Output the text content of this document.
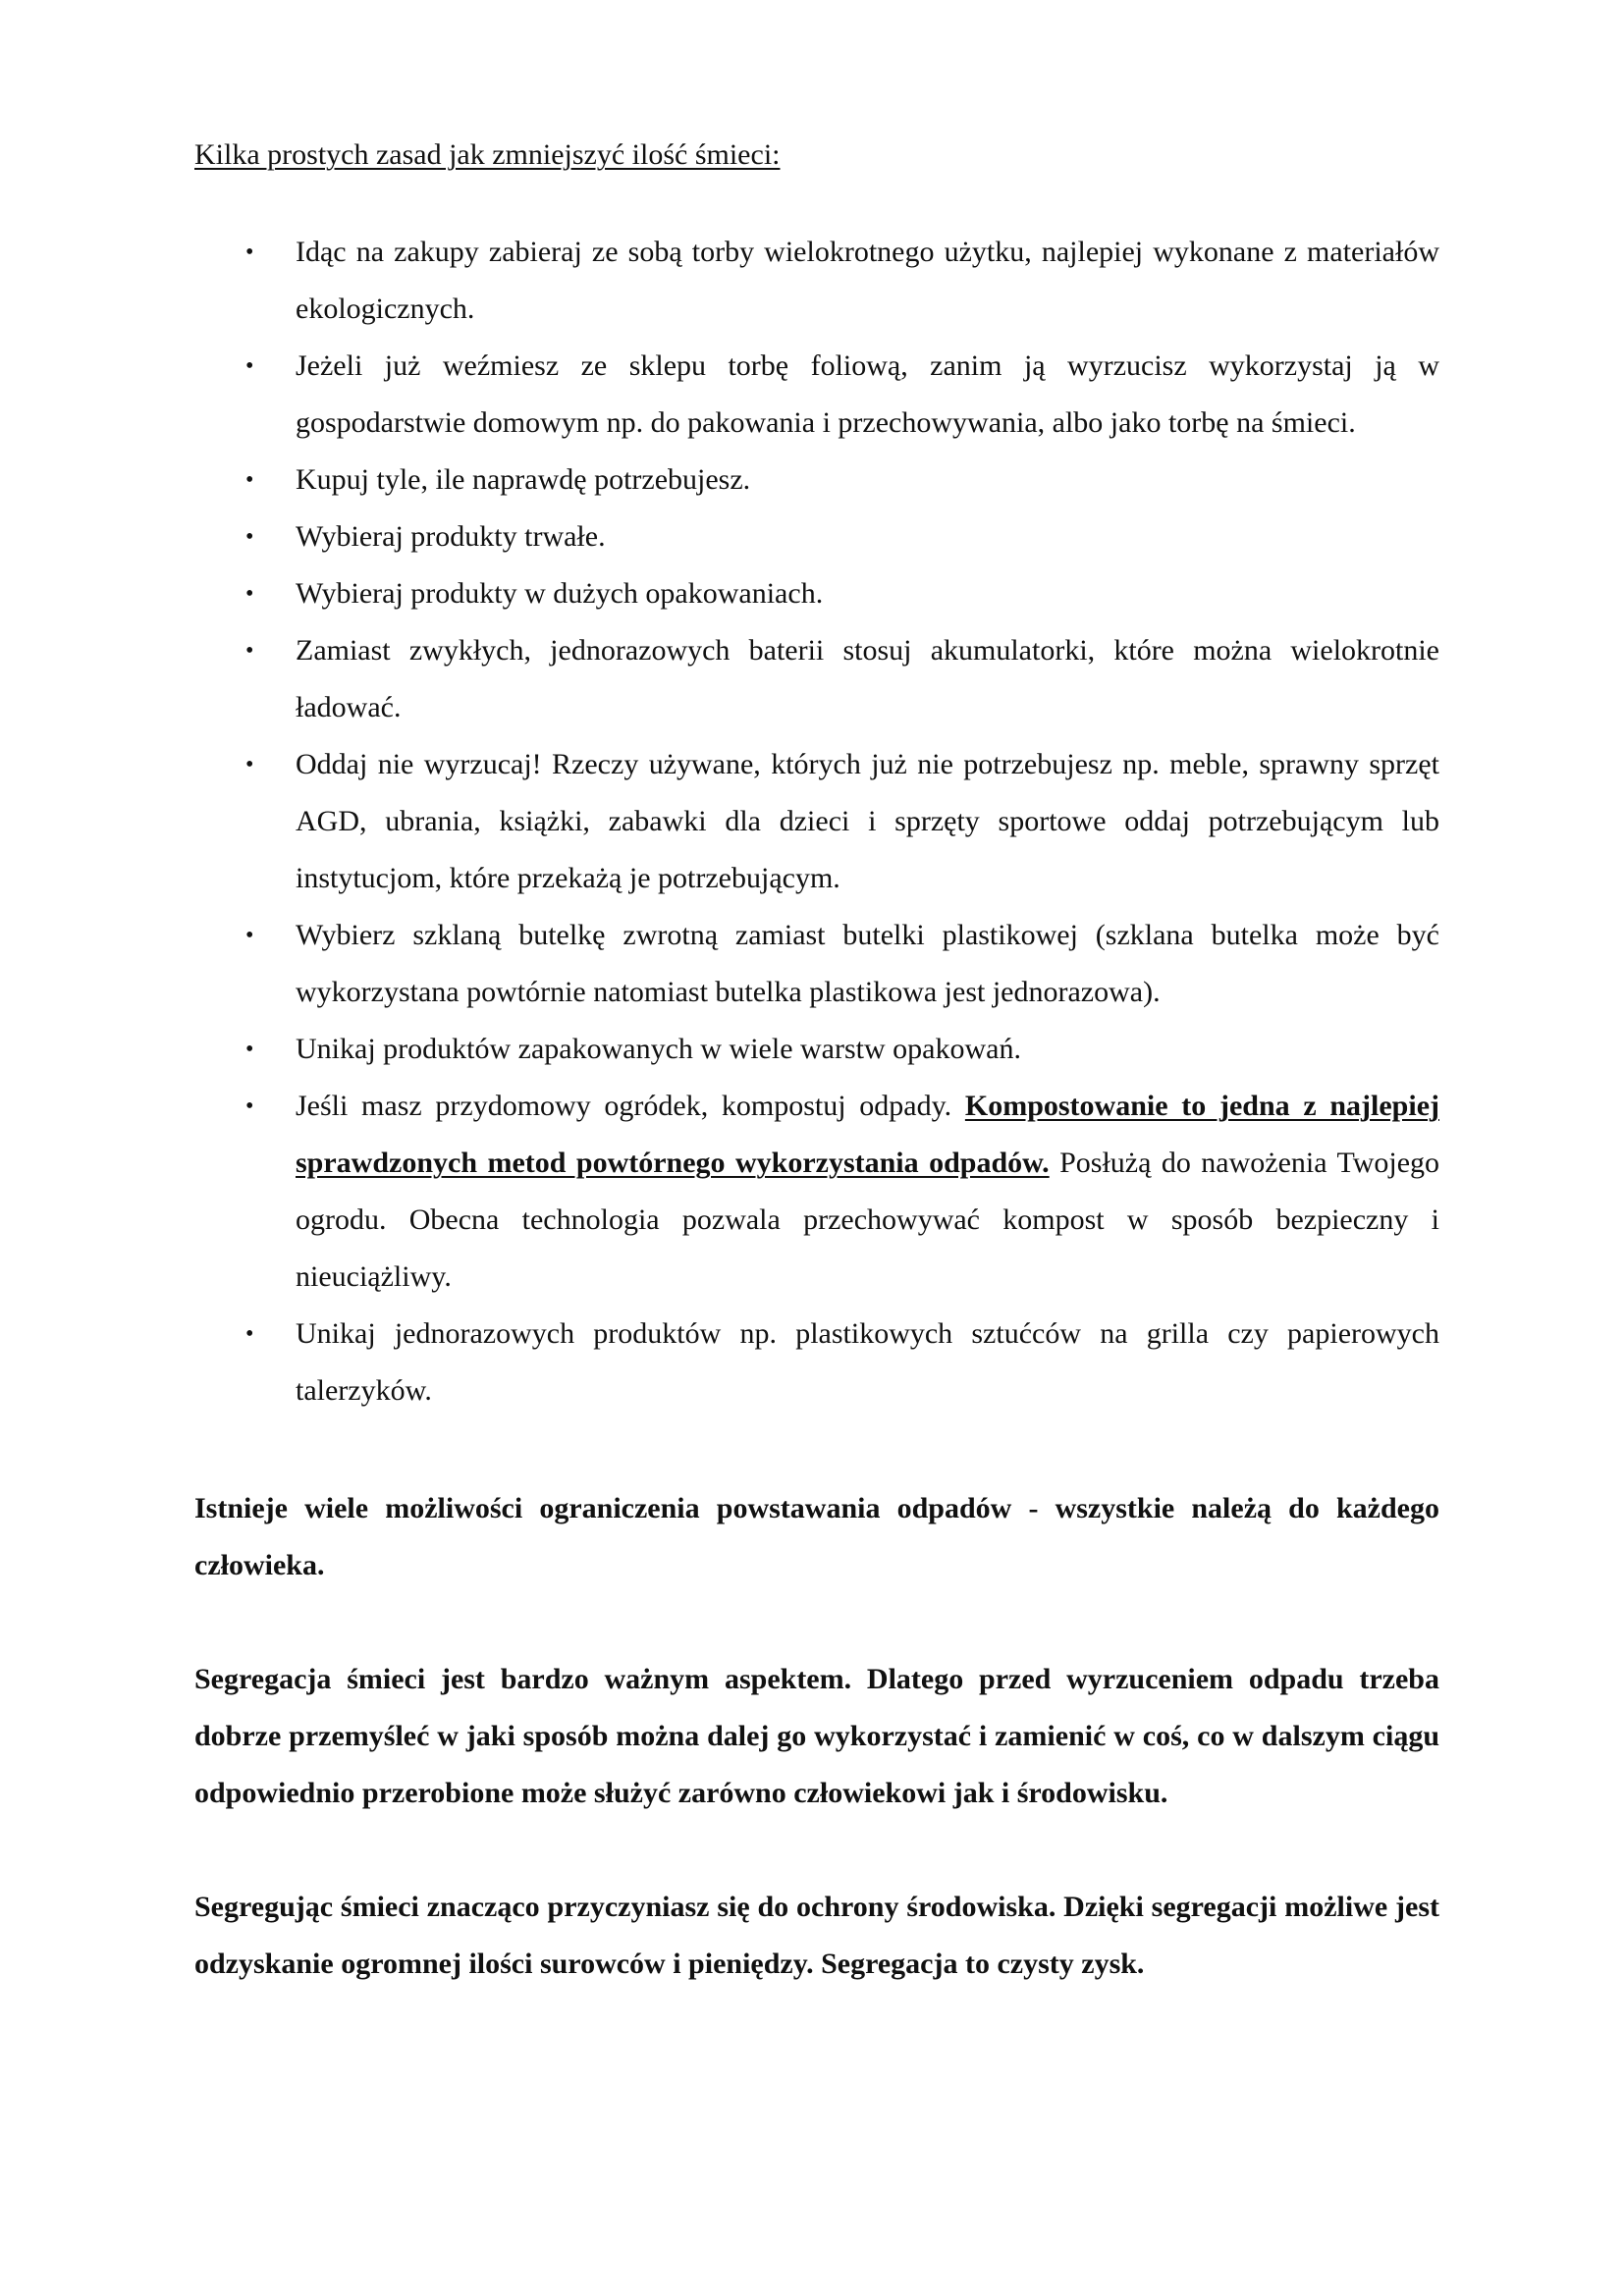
Kilka prostych zasad jak zmniejszyć ilość śmieci:

•	Idąc na zakupy zabieraj ze sobą torby wielokrotnego użytku, najlepiej wykonane z materiałów ekologicznych.
•	Jeżeli już weźmiesz ze sklepu torbę foliową, zanim ją wyrzucisz wykorzystaj ją w gospodarstwie domowym np. do pakowania i przechowywania, albo jako torbę na śmieci.
•	Kupuj tyle, ile naprawdę potrzebujesz.
•	Wybieraj produkty trwałe.
•	Wybieraj produkty w dużych opakowaniach.
•	Zamiast zwykłych, jednorazowych baterii stosuj akumulatorki, które można wielokrotnie ładować.
•	Oddaj nie wyrzucaj! Rzeczy używane, których już nie potrzebujesz np. meble, sprawny sprzęt AGD, ubrania, książki, zabawki dla dzieci i sprzęty sportowe oddaj potrzebującym lub instytucjom, które przekażą je potrzebującym.
•	Wybierz szklaną butelkę zwrotną zamiast butelki plastikowej (szklana butelka może być wykorzystana powtórnie natomiast butelka plastikowa jest jednorazowa).
•	Unikaj produktów zapakowanych w wiele warstw opakowań.
•	Jeśli masz przydomowy ogródek, kompostuj odpady. Kompostowanie to jedna z najlepiej sprawdzonych metod powtórnego wykorzystania odpadów. Posłużą do nawożenia Twojego ogrodu. Obecna technologia pozwala przechowywać kompost w sposób bezpieczny i nieuciążliwy.
•	Unikaj jednorazowych produktów np. plastikowych sztućców na grilla czy papierowych talerzyków.

Istnieje wiele możliwości ograniczenia powstawania odpadów - wszystkie należą do każdego człowieka.

Segregacja śmieci jest bardzo ważnym aspektem. Dlatego przed wyrzuceniem odpadu trzeba dobrze przemyśleć w jaki sposób można dalej go wykorzystać i zamienić w coś, co w dalszym ciągu odpowiednio przerobione może służyć zarówno człowiekowi jak i środowisku.

Segregując śmieci znacząco przyczyniasz się do ochrony środowiska. Dzięki segregacji możliwe jest odzyskanie ogromnej ilości surowców i pieniędzy. Segregacja to czysty zysk.
